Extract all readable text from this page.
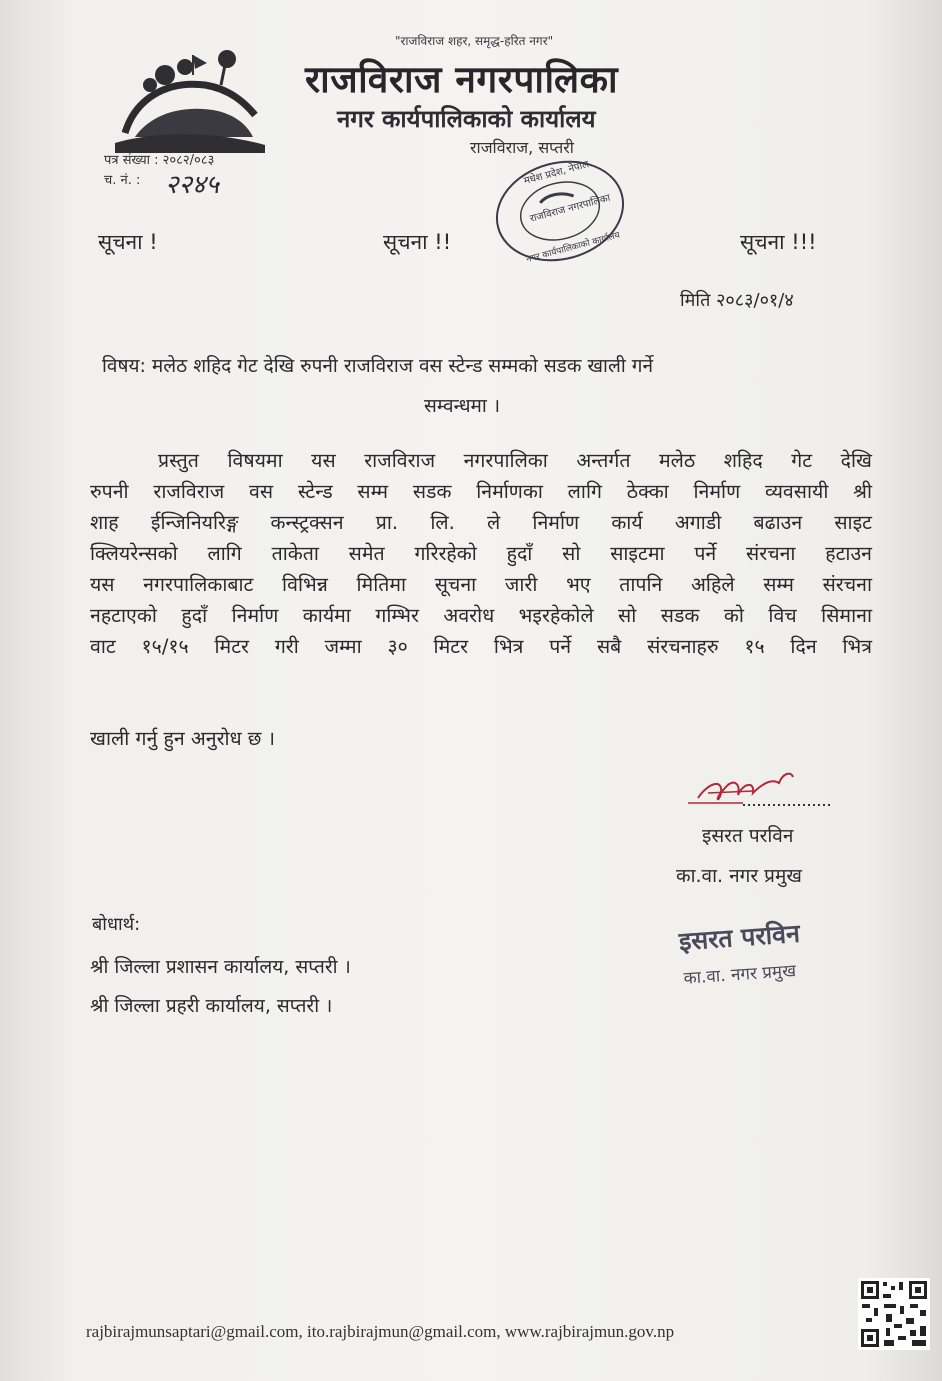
"राजविराज शहर, समृद्ध-हरित नगर"
राजविराज नगरपालिका
नगर कार्यपालिकाको कार्यालय
राजविराज, सप्तरी
पत्र संख्या : २०८२/०८३
च. नं. : २२४५	मधेश प्रदेश, नेपाल
राजविराज नगरपालिका
नगर कार्यपालिकाको कार्यालय
सूचना !	सूचना !!	सूचना !!!
मिति २०८३/०१/४
विषय: मलेठ शहिद गेट देखि रुपनी राजविराज वस स्टेन्ड सम्मको सडक खाली गर्ने
सम्वन्धमा ।
प्रस्तुत विषयमा यस राजविराज नगरपालिका अन्तर्गत मलेठ शहिद गेट देखि
रुपनी राजविराज वस स्टेन्ड सम्म सडक निर्माणका लागि ठेक्का निर्माण व्यवसायी श्री
शाह ईन्जिनियरिङ्ग कन्स्ट्रक्सन प्रा. लि. ले निर्माण कार्य अगाडी बढाउन साइट
क्लियरेन्सको लागि ताकेता समेत गरिरहेको हुदाँ सो साइटमा पर्ने संरचना हटाउन
यस नगरपालिकाबाट विभिन्न मितिमा सूचना जारी भए तापनि अहिले सम्म संरचना
नहटाएको हुदाँ निर्माण कार्यमा गम्भिर अवरोध भइरहेकोले सो सडक को विच सिमाना
वाट १५/१५ मिटर गरी जम्मा ३० मिटर भित्र पर्ने सबै संरचनाहरु १५ दिन भित्र
खाली गर्नु हुन अनुरोध छ ।
इसरत परविन
का.वा. नगर प्रमुख
इसरत परविन
का.वा. नगर प्रमुख
बोधार्थ:
श्री जिल्ला प्रशासन कार्यालय, सप्तरी ।
श्री जिल्ला प्रहरी कार्यालय, सप्तरी ।
rajbirajmunsaptari@gmail.com, ito.rajbirajmun@gmail.com, www.rajbirajmun.gov.np
